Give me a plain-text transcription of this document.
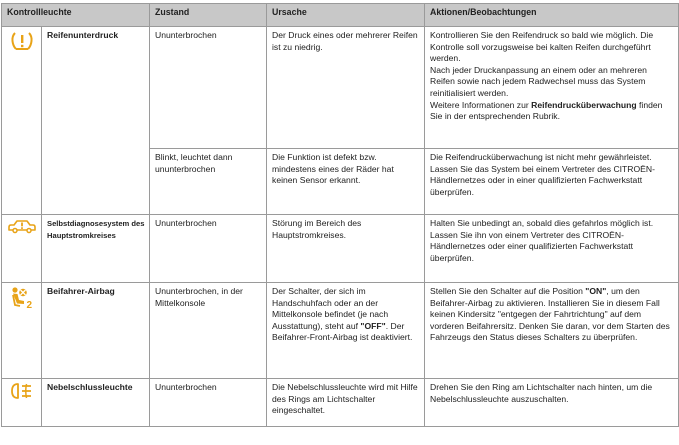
Kontrollleuchte		Zustand	Ursache	Aktionen/Beobachtungen

	Reifenunterdruck	Ununterbrochen	Der Druck eines oder mehrerer Reifen ist zu niedrig.	Kontrollieren Sie den Reifendruck so bald wie möglich. Die Kontrolle soll vorzugsweise bei kalten Reifen durchgeführt werden.

Nach jeder Druckanpassung an einem oder an mehreren Reifen sowie nach jedem Radwechsel muss das System reinitialisiert werden.

Weitere Informationen zur Reifendrucküberwachung finden Sie in der entsprechenden Rubrik.

		Blinkt, leuchtet dann ununterbrochen	Die Funktion ist defekt bzw. mindestens eines der Räder hat keinen Sensor erkannt.	Die Reifendrucküberwachung ist nicht mehr gewährleistet. Lassen Sie das System bei einem Vertreter des CITROËN-Händlernetzes oder in einer qualifizierten Fachwerkstatt überprüfen.

	Selbstdiagnosesystem des Hauptstromkreises	Ununterbrochen	Störung im Bereich des Hauptstromkreises.	Halten Sie unbedingt an, sobald dies gefahrlos möglich ist. Lassen Sie ihn von einem Vertreter des CITROËN-Händlernetzes oder einer qualifizierten Fachwerkstatt überprüfen.

2	Beifahrer-Airbag	Ununterbrochen, in der Mittelkonsole	Der Schalter, der sich im Handschuhfach oder an der Mittelkonsole befindet (je nach Ausstattung), steht auf "OFF". Der Beifahrer-Front-Airbag ist deaktiviert.	Stellen Sie den Schalter auf die Position "ON", um den Beifahrer-Airbag zu aktivieren. Installieren Sie in diesem Fall keinen Kindersitz "entgegen der Fahrtrichtung" auf dem vorderen Beifahrersitz. Denken Sie daran, vor dem Starten des Fahrzeugs den Status dieses Schalters zu überprüfen.

	Nebelschlussleuchte	Ununterbrochen	Die Nebelschlussleuchte wird mit Hilfe des Rings am Lichtschalter eingeschaltet.	Drehen Sie den Ring am Lichtschalter nach hinten, um die Nebelschlussleuchte auszuschalten.
